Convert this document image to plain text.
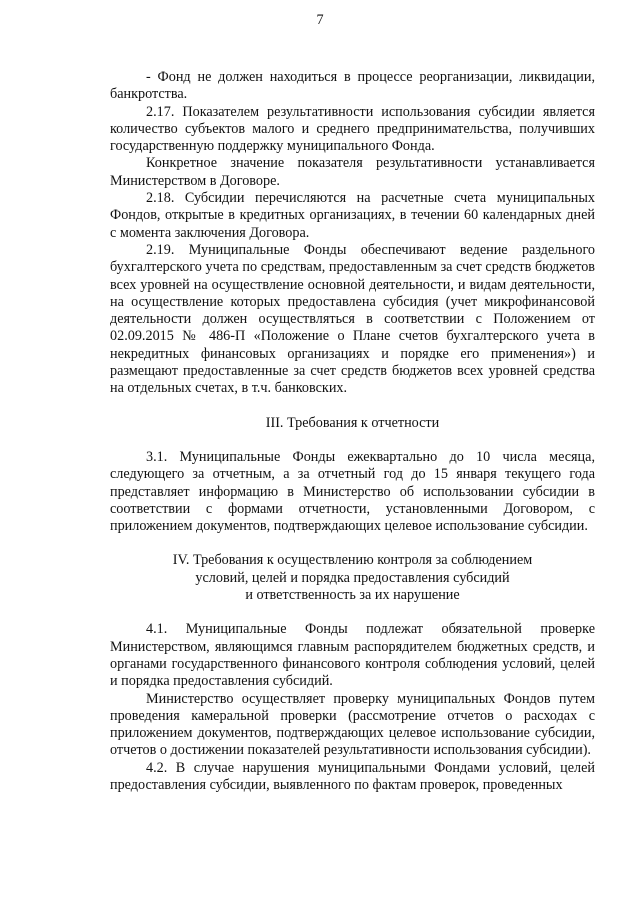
7

- Фонд не должен находиться в процессе реорганизации, ликвидации, банкротства.

2.17. Показателем результативности использования субсидии является количество субъектов малого и среднего предпринимательства, получивших государственную поддержку муниципального Фонда.

Конкретное значение показателя результативности устанавливается Министерством в Договоре.

2.18. Субсидии перечисляются на расчетные счета муниципальных Фондов, открытые в кредитных организациях, в течении 60 календарных дней с момента заключения Договора.

2.19. Муниципальные Фонды обеспечивают ведение раздельного бухгалтерского учета по средствам, предоставленным за счет средств бюджетов всех уровней на осуществление основной деятельности, и видам деятельности, на осуществление которых предоставлена субсидия (учет микрофинансовой деятельности должен осуществляться в соответствии с Положением от 02.09.2015 № 486-П «Положение о Плане счетов бухгалтерского учета в некредитных финансовых организациях и порядке его применения») и размещают предоставленные за счет средств бюджетов всех уровней средства на отдельных счетах, в т.ч. банковских.

III. Требования к отчетности

3.1. Муниципальные Фонды ежеквартально до 10 числа месяца, следующего за отчетным, а за отчетный год до 15 января текущего года представляет информацию в Министерство об использовании субсидии в соответствии с формами отчетности, установленными Договором, с приложением документов, подтверждающих целевое использование субсидии.

IV. Требования к осуществлению контроля за соблюдением

условий, целей и порядка предоставления субсидий

и ответственность за их нарушение

4.1. Муниципальные Фонды подлежат обязательной проверке Министерством, являющимся главным распорядителем бюджетных средств, и органами государственного финансового контроля соблюдения условий, целей и порядка предоставления субсидий.

Министерство осуществляет проверку муниципальных Фондов путем проведения камеральной проверки (рассмотрение отчетов о расходах с приложением документов, подтверждающих целевое использование субсидии, отчетов о достижении показателей результативности использования субсидии).

4.2. В случае нарушения муниципальными Фондами условий, целей предоставления субсидии, выявленного по фактам проверок, проведенных
